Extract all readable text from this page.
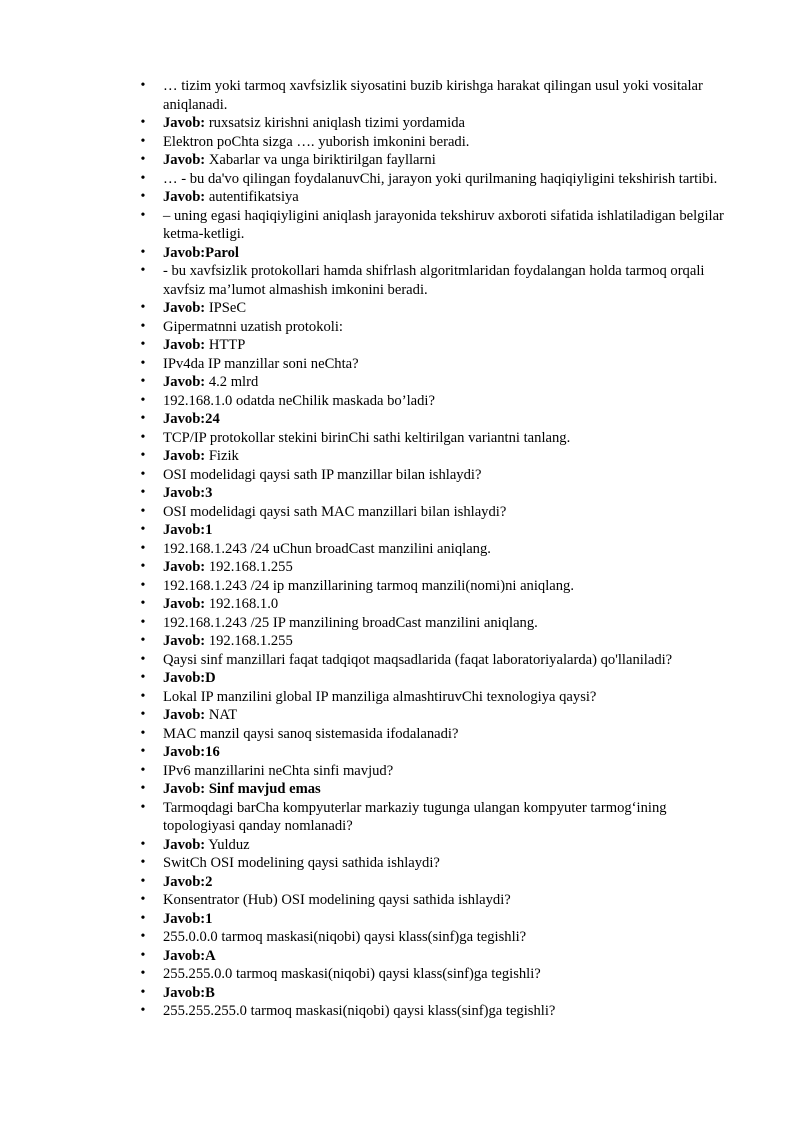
• … tizim yoki tarmoq xavfsizlik siyosatini buzib kirishga harakat qilingan usul yoki vositalar aniqlanadi.
• Javob: ruxsatsiz kirishni aniqlash tizimi yordamida
• Elektron poChta sizga …. yuborish imkonini beradi.
• Javob: Xabarlar va unga biriktirilgan fayllarni
• … - bu da'vo qilingan foydalanuvChi, jarayon yoki qurilmaning haqiqiyligini tekshirish tartibi.
• Javob: autentifikatsiya
• – uning egasi haqiqiyligini aniqlash jarayonida tekshiruv axboroti sifatida ishlatiladigan belgilar ketma-ketligi.
• Javob:Parol
• - bu xavfsizlik protokollari hamda shifrlash algoritmlaridan foydalangan holda tarmoq orqali xavfsiz ma’lumot almashish imkonini beradi.
• Javob: IPSeC
• Gipermatnni uzatish protokoli:
• Javob: HTTP
• IPv4da IP manzillar soni neChta?
• Javob: 4.2 mlrd
• 192.168.1.0 odatda neChilik maskada bo’ladi?
• Javob:24
• TCP/IP protokollar stekini birinChi sathi keltirilgan variantni tanlang.
• Javob: Fizik
• OSI modelidagi qaysi sath IP manzillar bilan ishlaydi?
• Javob:3
• OSI modelidagi qaysi sath MAC manzillari bilan ishlaydi?
• Javob:1
• 192.168.1.243 /24 uChun broadCast manzilini aniqlang.
• Javob: 192.168.1.255
• 192.168.1.243 /24 ip manzillarining tarmoq manzili(nomi)ni aniqlang.
• Javob: 192.168.1.0
• 192.168.1.243 /25 IP manzilining broadCast manzilini aniqlang.
• Javob: 192.168.1.255
• Qaysi sinf manzillari faqat tadqiqot maqsadlarida (faqat laboratoriyalarda) qo'llaniladi?
• Javob:D
• Lokal IP manzilini global IP manziliga almashtiruvChi texnologiya qaysi?
• Javob: NAT
• MAC manzil qaysi sanoq sistemasida ifodalanadi?
• Javob:16
• IPv6 manzillarini neChta sinfi mavjud?
• Javob: Sinf mavjud emas
• Tarmoqdagi barCha kompyuterlar markaziy tugunga ulangan kompyuter tarmog‘ining topologiyasi qanday nomlanadi?
• Javob: Yulduz
• SwitCh OSI modelining qaysi sathida ishlaydi?
• Javob:2
• Konsentrator (Hub) OSI modelining qaysi sathida ishlaydi?
• Javob:1
• 255.0.0.0 tarmoq maskasi(niqobi) qaysi klass(sinf)ga tegishli?
• Javob:A
• 255.255.0.0 tarmoq maskasi(niqobi) qaysi klass(sinf)ga tegishli?
• Javob:B
• 255.255.255.0 tarmoq maskasi(niqobi) qaysi klass(sinf)ga tegishli?
